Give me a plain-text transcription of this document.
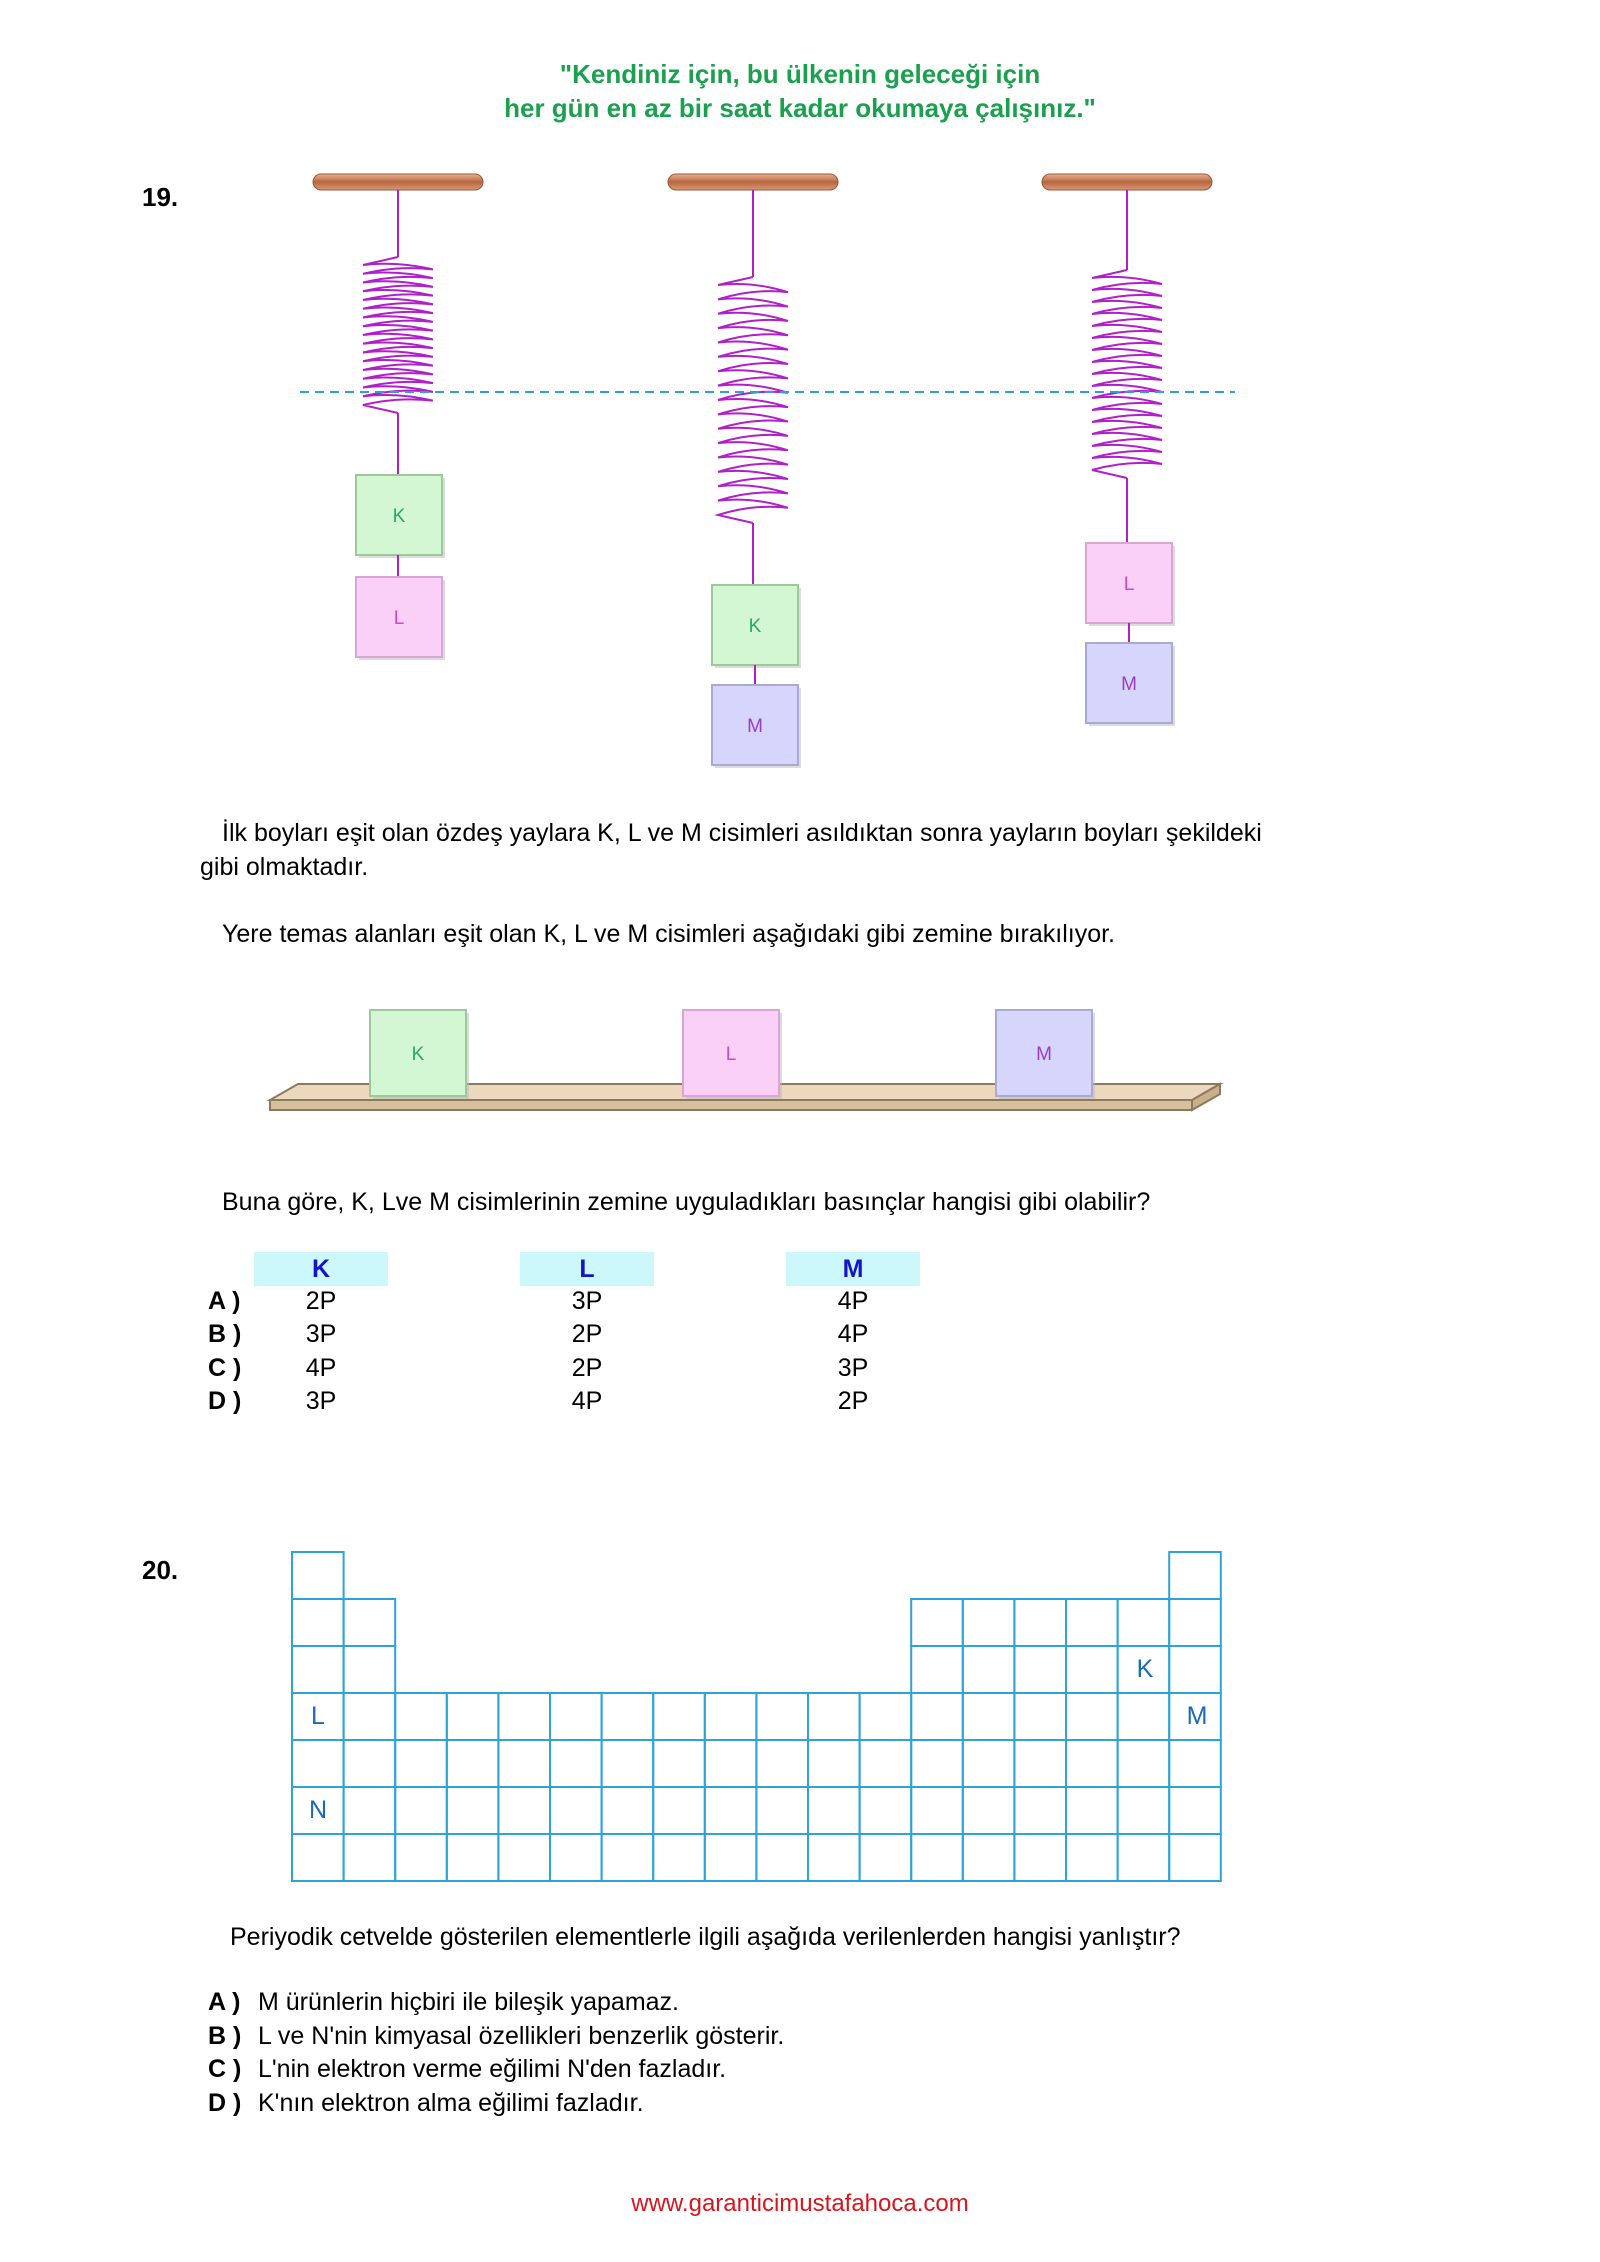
"Kendiniz için, bu ülkenin geleceği için
her gün en az bir saat kadar okumaya çalışınız."
19.
K
L	K
M
L
M
İlk boyları eşit olan özdeş yaylara K, L ve M cisimleri asıldıktan sonra yayların boyları şekildeki
gibi olmaktadır.
Yere temas alanları eşit olan K, L ve M cisimleri aşağıdaki gibi zemine bırakılıyor.
K	L	M
Buna göre, K, Lve M cisimlerinin zemine uyguladıkları basınçlar hangisi gibi olabilir?
K	L	M
A )	2P	3P	4P
B )	3P	2P	4P
C )	4P	2P	3P
D )	3P	4P	2P
20.
L
N
K
M
Periyodik cetvelde gösterilen elementlerle ilgili aşağıda verilenlerden hangisi yanlıştır?
A ) M ürünlerin hiçbiri ile bileşik yapamaz.
B ) L ve N'nin kimyasal özellikleri benzerlik gösterir.
C ) L'nin elektron verme eğilimi N'den fazladır.
D ) K'nın elektron alma eğilimi fazladır.
www.garanticimustafahoca.com
